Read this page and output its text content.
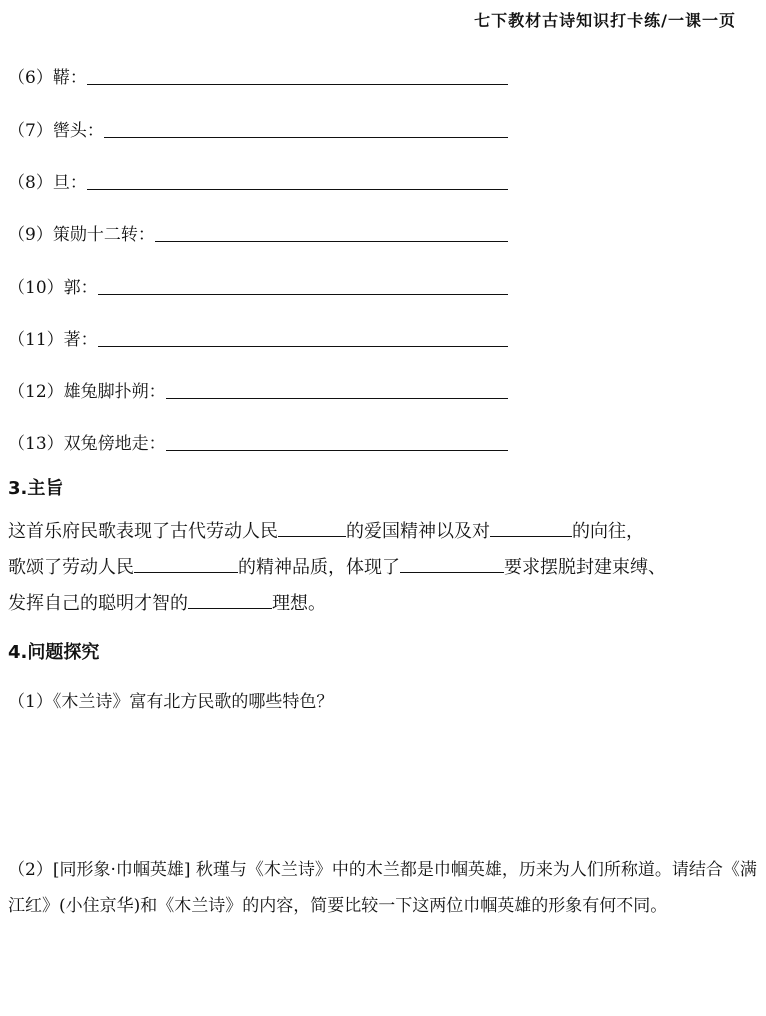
七下教材古诗知识打卡练/一课一页
（6）鞯：
（7）辔头：
（8）旦：
（9）策勋十二转：
（10）郭：
（11）著：
（12）雄兔脚扑朔：
（13）双兔傍地走：
3.主旨
这首乐府民歌表现了古代劳动人民	的爱国精神以及对	的向往，
歌颂了劳动人民	的精神品质，体现了	要求摆脱封建束缚、
发挥自己的聪明才智的	理想。
4.问题探究
（1）《木兰诗》富有北方民歌的哪些特色？
（2）[同形象·巾帼英雄] 秋瑾与《木兰诗》中的木兰都是巾帼英雄，历来为人们所称道。请结合《满江红》(小住京华)和《木兰诗》的内容，简要比较一下这两位巾帼英雄的形象有何不同。
